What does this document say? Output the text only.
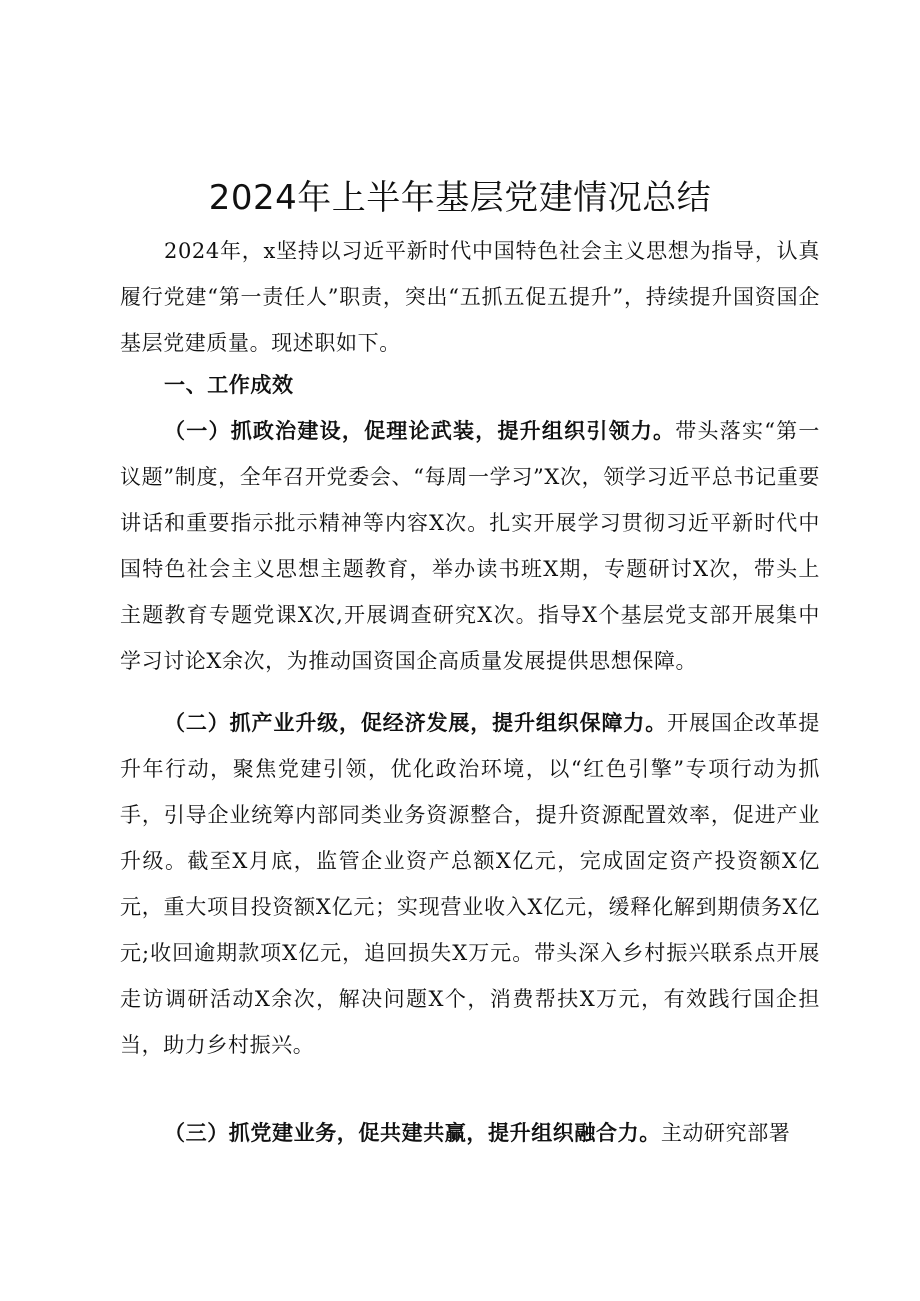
2024年上半年基层党建情况总结

2024年，x坚持以习近平新时代中国特色社会主义思想为指导，认真履行党建“第一责任人”职责，突出“五抓五促五提升”，持续提升国资国企基层党建质量。现述职如下。

一、工作成效

（一）抓政治建设，促理论武装，提升组织引领力。带头落实“第一议题”制度，全年召开党委会、“每周一学习”X次，领学习近平总书记重要讲话和重要指示批示精神等内容X次。扎实开展学习贯彻习近平新时代中国特色社会主义思想主题教育，举办读书班X期，专题研讨X次，带头上主题教育专题党课X次,开展调查研究X次。指导X个基层党支部开展集中学习讨论X余次，为推动国资国企高质量发展提供思想保障。

（二）抓产业升级，促经济发展，提升组织保障力。开展国企改革提升年行动，聚焦党建引领，优化政治环境，以“红色引擎”专项行动为抓手，引导企业统筹内部同类业务资源整合，提升资源配置效率，促进产业升级。截至X月底，监管企业资产总额X亿元，完成固定资产投资额X亿元，重大项目投资额X亿元；实现营业收入X亿元，缓释化解到期债务X亿元;收回逾期款项X亿元，追回损失X万元。带头深入乡村振兴联系点开展走访调研活动X余次，解决问题X个，消费帮扶X万元，有效践行国企担当，助力乡村振兴。

（三）抓党建业务，促共建共赢，提升组织融合力。主动研究部署
